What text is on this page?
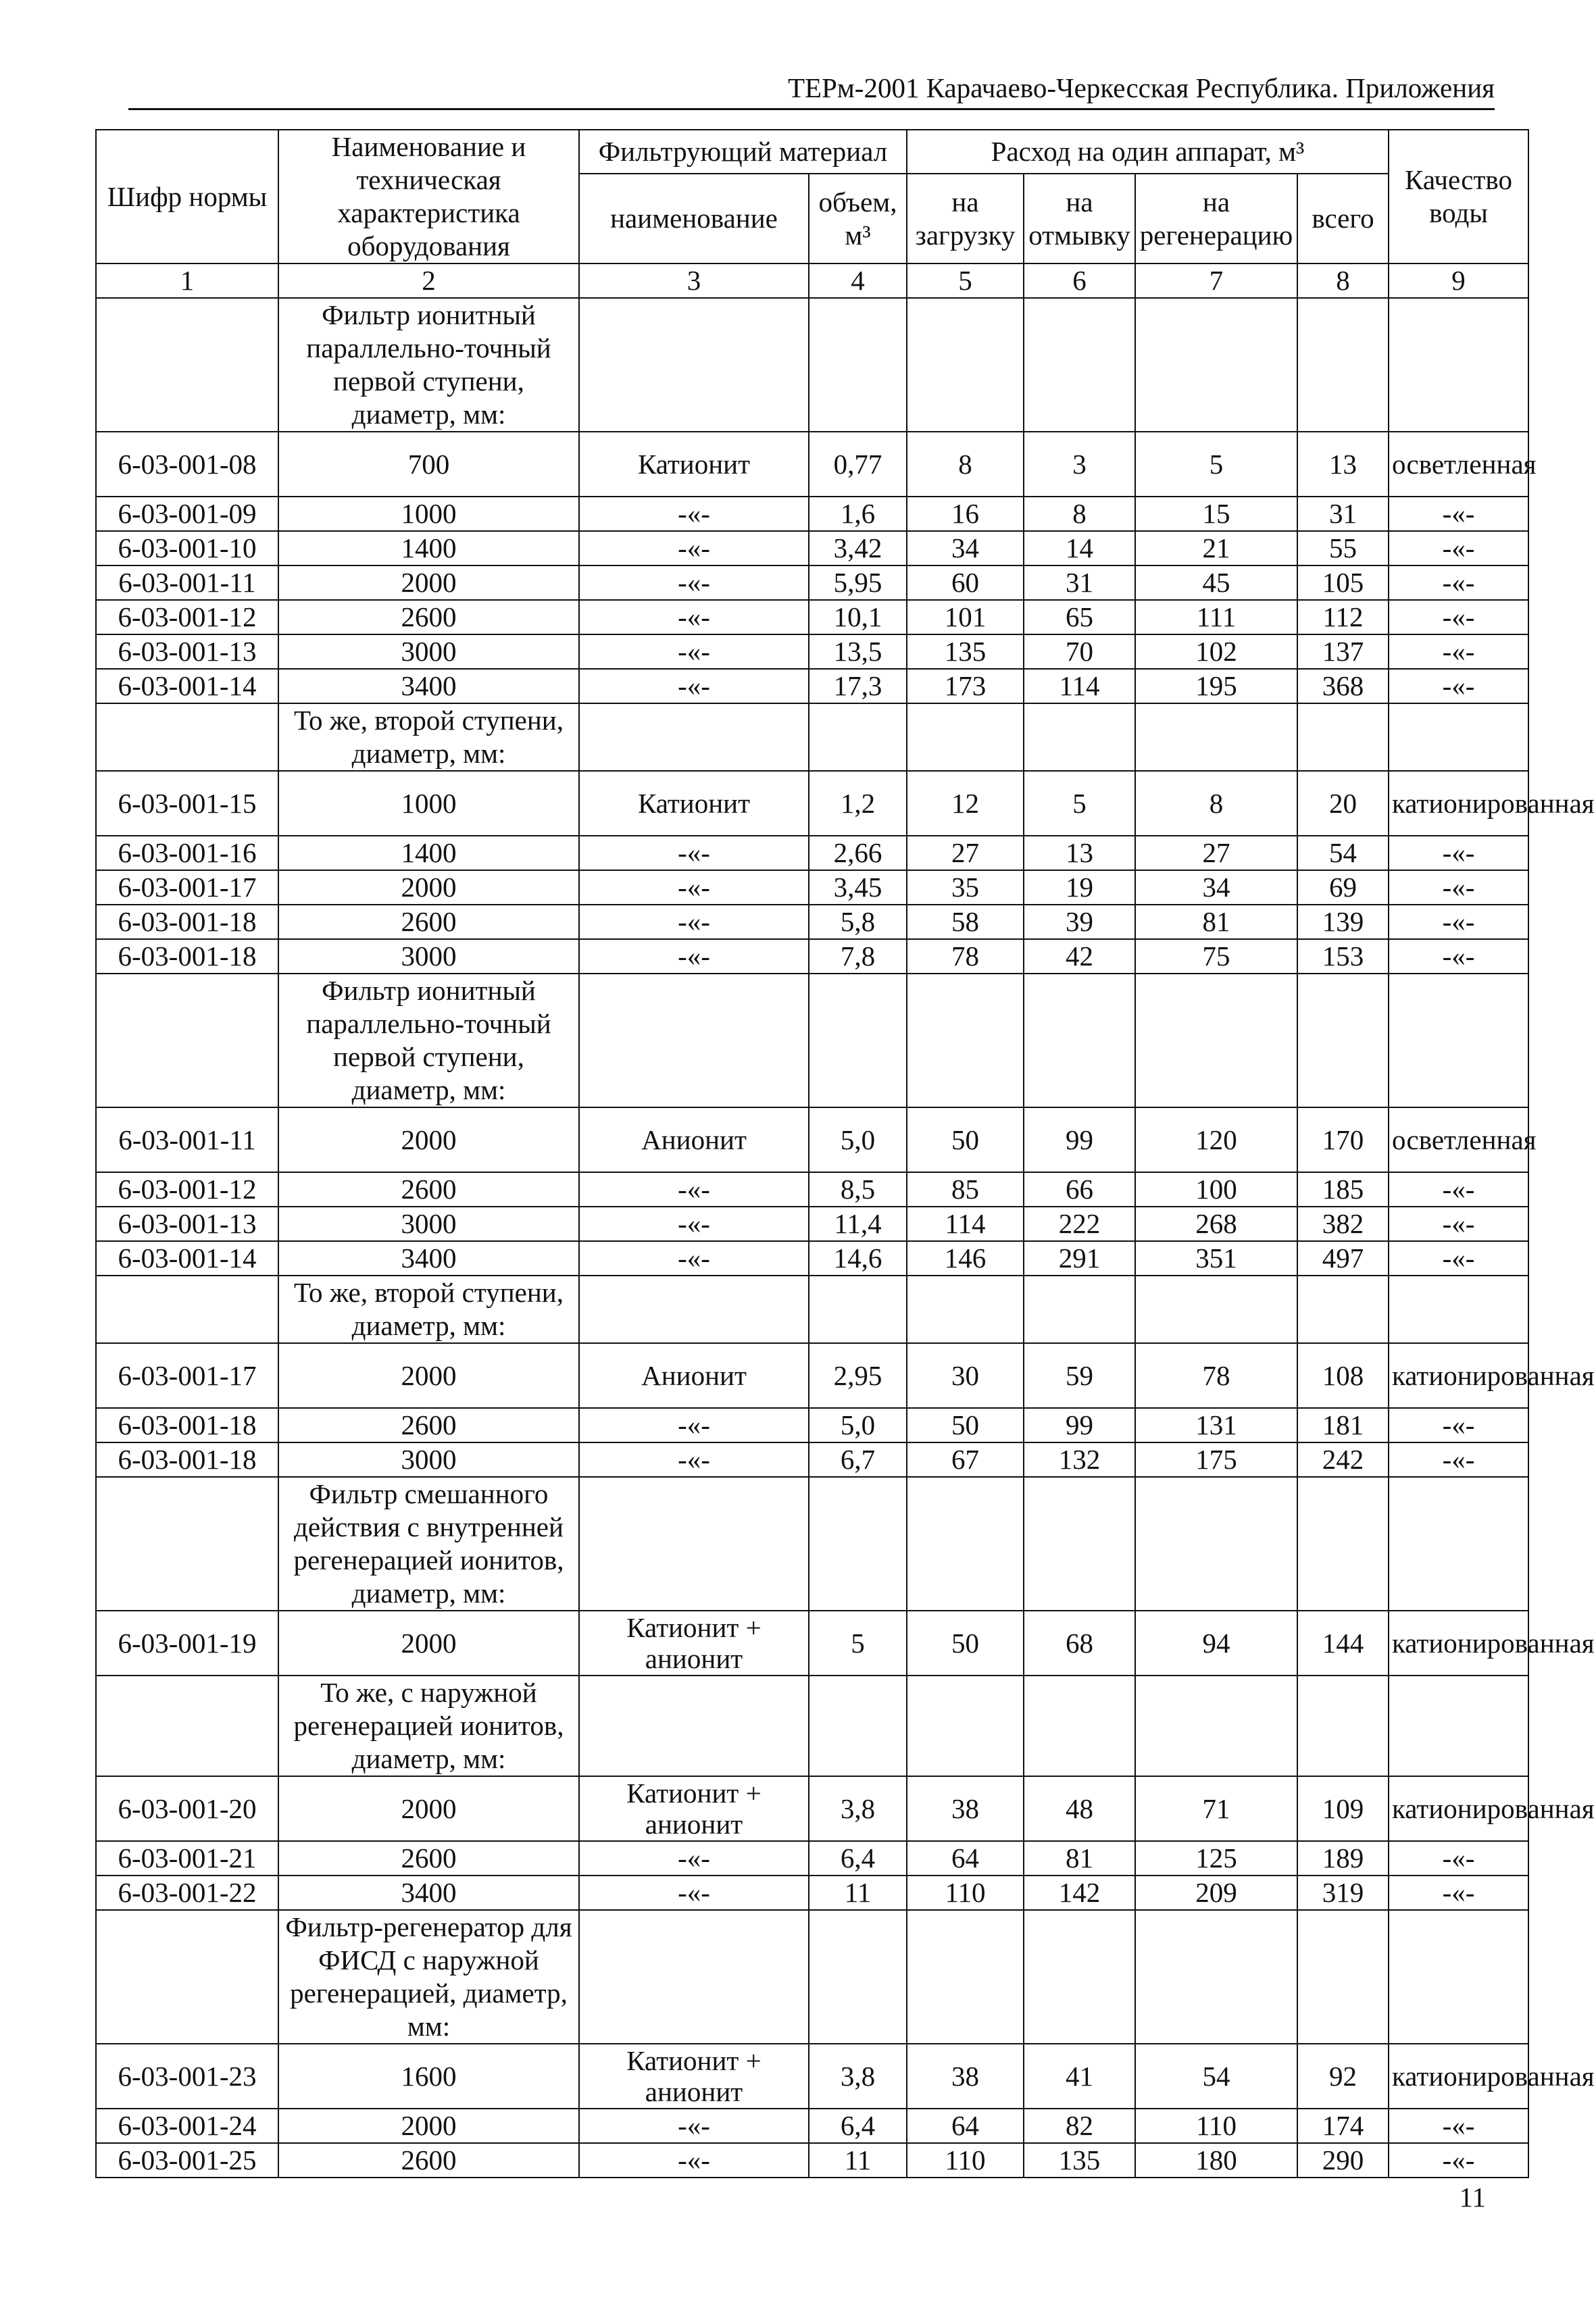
ТЕРм-2001 Карачаево-Черкесская Республика. Приложения
Шифр нормы	Наименование и техническая характеристика оборудования	Фильтрующий материал		Расход на один аппарат, м³				Качество воды
		наименование	объем, м³	на загрузку	на отмывку	на регенерацию	всего	
1	2	3	4	5	6	7	8	9
	Фильтр ионитный параллельно-точный первой ступени, диаметр, мм:							
6-03-001-08	700	Катионит	0,77	8	3	5	13	осветленная
6-03-001-09	1000	-«-	1,6	16	8	15	31	-«-
6-03-001-10	1400	-«-	3,42	34	14	21	55	-«-
6-03-001-11	2000	-«-	5,95	60	31	45	105	-«-
6-03-001-12	2600	-«-	10,1	101	65	111	112	-«-
6-03-001-13	3000	-«-	13,5	135	70	102	137	-«-
6-03-001-14	3400	-«-	17,3	173	114	195	368	-«-
	То же, второй ступени, диаметр, мм:							
6-03-001-15	1000	Катионит	1,2	12	5	8	20	катионированная
6-03-001-16	1400	-«-	2,66	27	13	27	54	-«-
6-03-001-17	2000	-«-	3,45	35	19	34	69	-«-
6-03-001-18	2600	-«-	5,8	58	39	81	139	-«-
6-03-001-18	3000	-«-	7,8	78	42	75	153	-«-
	Фильтр ионитный параллельно-точный первой ступени, диаметр, мм:							
6-03-001-11	2000	Анионит	5,0	50	99	120	170	осветленная
6-03-001-12	2600	-«-	8,5	85	66	100	185	-«-
6-03-001-13	3000	-«-	11,4	114	222	268	382	-«-
6-03-001-14	3400	-«-	14,6	146	291	351	497	-«-
	То же, второй ступени, диаметр, мм:							
6-03-001-17	2000	Анионит	2,95	30	59	78	108	катионированная
6-03-001-18	2600	-«-	5,0	50	99	131	181	-«-
6-03-001-18	3000	-«-	6,7	67	132	175	242	-«-
	Фильтр смешанного действия с внутренней регенерацией ионитов, диаметр, мм:							
6-03-001-19	2000	Катионит + анионит	5	50	68	94	144	катионированная
	То же, с наружной регенерацией ионитов, диаметр, мм:							
6-03-001-20	2000	Катионит + анионит	3,8	38	48	71	109	катионированная
6-03-001-21	2600	-«-	6,4	64	81	125	189	-«-
6-03-001-22	3400	-«-	11	110	142	209	319	-«-
	Фильтр-регенератор для ФИСД с наружной регенерацией, диаметр, мм:							
6-03-001-23	1600	Катионит + анионит	3,8	38	41	54	92	катионированная
6-03-001-24	2000	-«-	6,4	64	82	110	174	-«-
6-03-001-25	2600	-«-	11	110	135	180	290	-«-
11
